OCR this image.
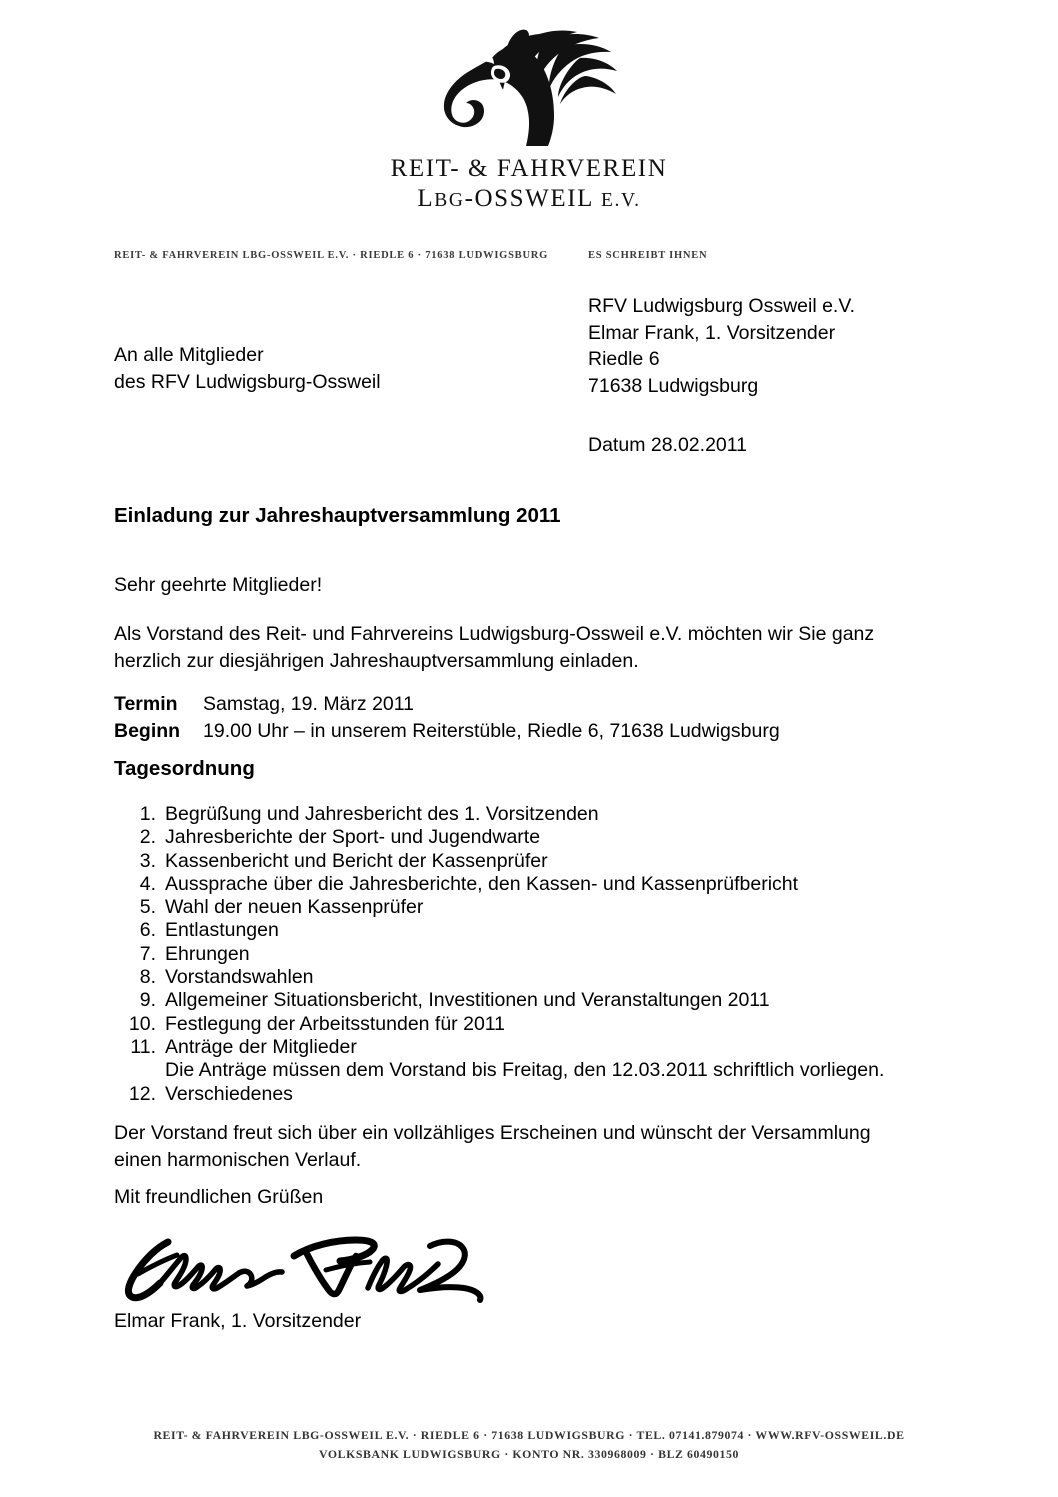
REIT- & FAHRVEREIN
LBG-OSSWEIL E.V.
REIT- & FAHRVEREIN LBG-OSSWEIL E.V. · RIEDLE 6 · 71638 LUDWIGSBURG	ES SCHREIBT IHNEN
RFV Ludwigsburg Ossweil e.V.
Elmar Frank, 1. Vorsitzender
Riedle 6
71638 Ludwigsburg
An alle Mitglieder
des RFV Ludwigsburg-Ossweil
Datum 28.02.2011
Einladung zur Jahreshauptversammlung 2011
Sehr geehrte Mitglieder!
Als Vorstand des Reit- und Fahrvereins Ludwigsburg-Ossweil e.V. möchten wir Sie ganz herzlich zur diesjährigen Jahreshauptversammlung einladen.
Termin	Samstag, 19. März 2011
Beginn	19.00 Uhr – in unserem Reiterstüble, Riedle 6, 71638 Ludwigsburg
Tagesordnung
1. Begrüßung und Jahresbericht des 1. Vorsitzenden
2. Jahresberichte der Sport- und Jugendwarte
3. Kassenbericht und Bericht der Kassenprüfer
4. Aussprache über die Jahresberichte, den Kassen- und Kassenprüfbericht
5. Wahl der neuen Kassenprüfer
6. Entlastungen
7. Ehrungen
8. Vorstandswahlen
9. Allgemeiner Situationsbericht, Investitionen und Veranstaltungen 2011
10. Festlegung der Arbeitsstunden für 2011
11. Anträge der Mitglieder
Die Anträge müssen dem Vorstand bis Freitag, den 12.03.2011 schriftlich vorliegen.
12. Verschiedenes
Der Vorstand freut sich über ein vollzähliges Erscheinen und wünscht der Versammlung einen harmonischen Verlauf.
Mit freundlichen Grüßen
Elmar Frank, 1. Vorsitzender
REIT- & FAHRVEREIN LBG-OSSWEIL E.V. · RIEDLE 6 · 71638 LUDWIGSBURG · TEL. 07141.879074 · WWW.RFV-OSSWEIL.DE
VOLKSBANK LUDWIGSBURG · KONTO NR. 330968009 · BLZ 60490150
